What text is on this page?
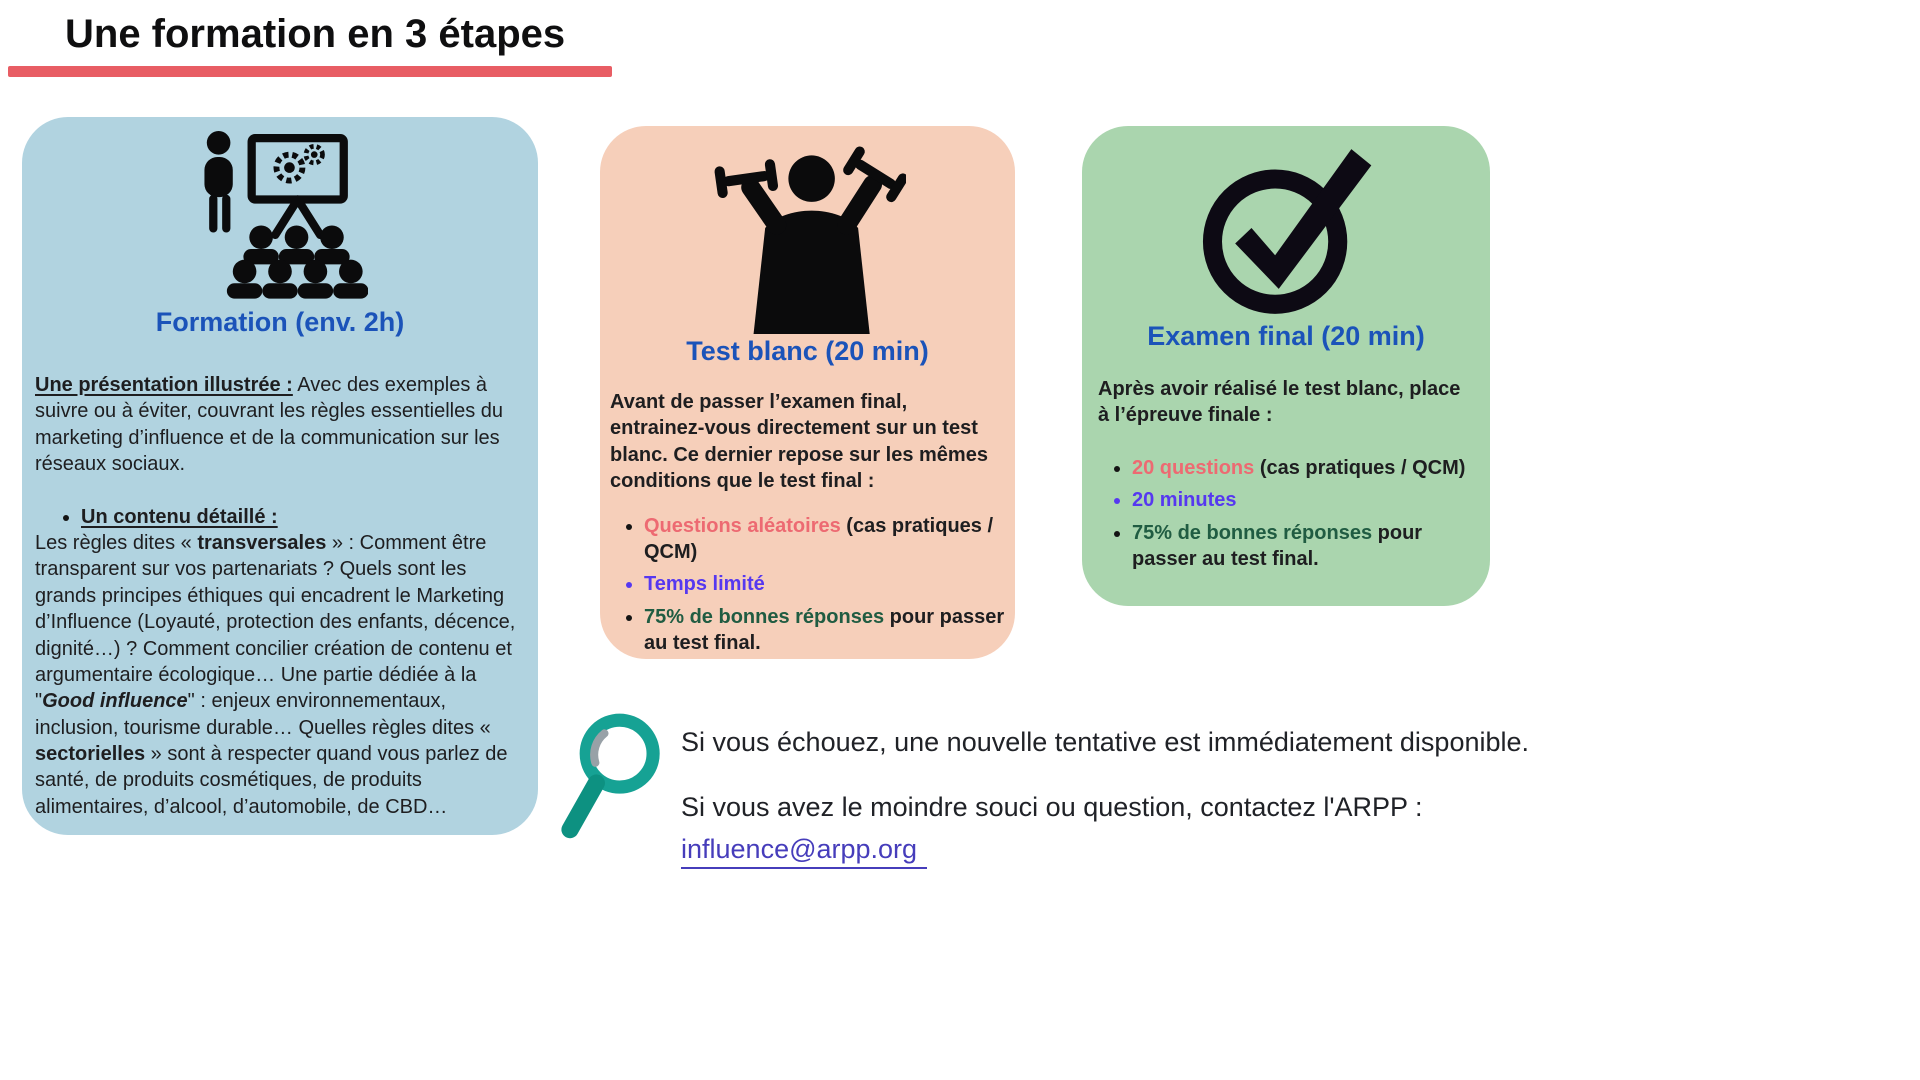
Une formation en 3 étapes
Formation (env. 2h)

Une présentation illustrée : Avec des exemples à suivre ou à éviter, couvrant les règles essentielles du marketing d’influence et de la communication sur les réseaux sociaux.

• Un contenu détaillé :

Les règles dites « transversales » : Comment être transparent sur vos partenariats ? Quels sont les grands principes éthiques qui encadrent le Marketing d’Influence (Loyauté, protection des enfants, décence, dignité…) ? Comment concilier création de contenu et argumentaire écologique… Une partie dédiée à la "Good influence" : enjeux environnementaux, inclusion, tourisme durable… Quelles règles dites « sectorielles » sont à respecter quand vous parlez de santé, de produits cosmétiques, de produits alimentaires, d’alcool, d’automobile, de CBD…

Test blanc (20 min)

Avant de passer l’examen final, entrainez-vous directement sur un test blanc. Ce dernier repose sur les mêmes conditions que le test final :

• Questions aléatoires (cas pratiques / QCM)
• Temps limité
• 75% de bonnes réponses pour passer au test final.
Examen final (20 min)

Après avoir réalisé le test blanc, place à l’épreuve finale :

• 20 questions (cas pratiques / QCM)
• 20 minutes
• 75% de bonnes réponses pour passer au test final.

Si vous échouez, une nouvelle tentative est immédiatement disponible.

Si vous avez le moindre souci ou question, contactez l'ARPP :
influence@arpp.org
